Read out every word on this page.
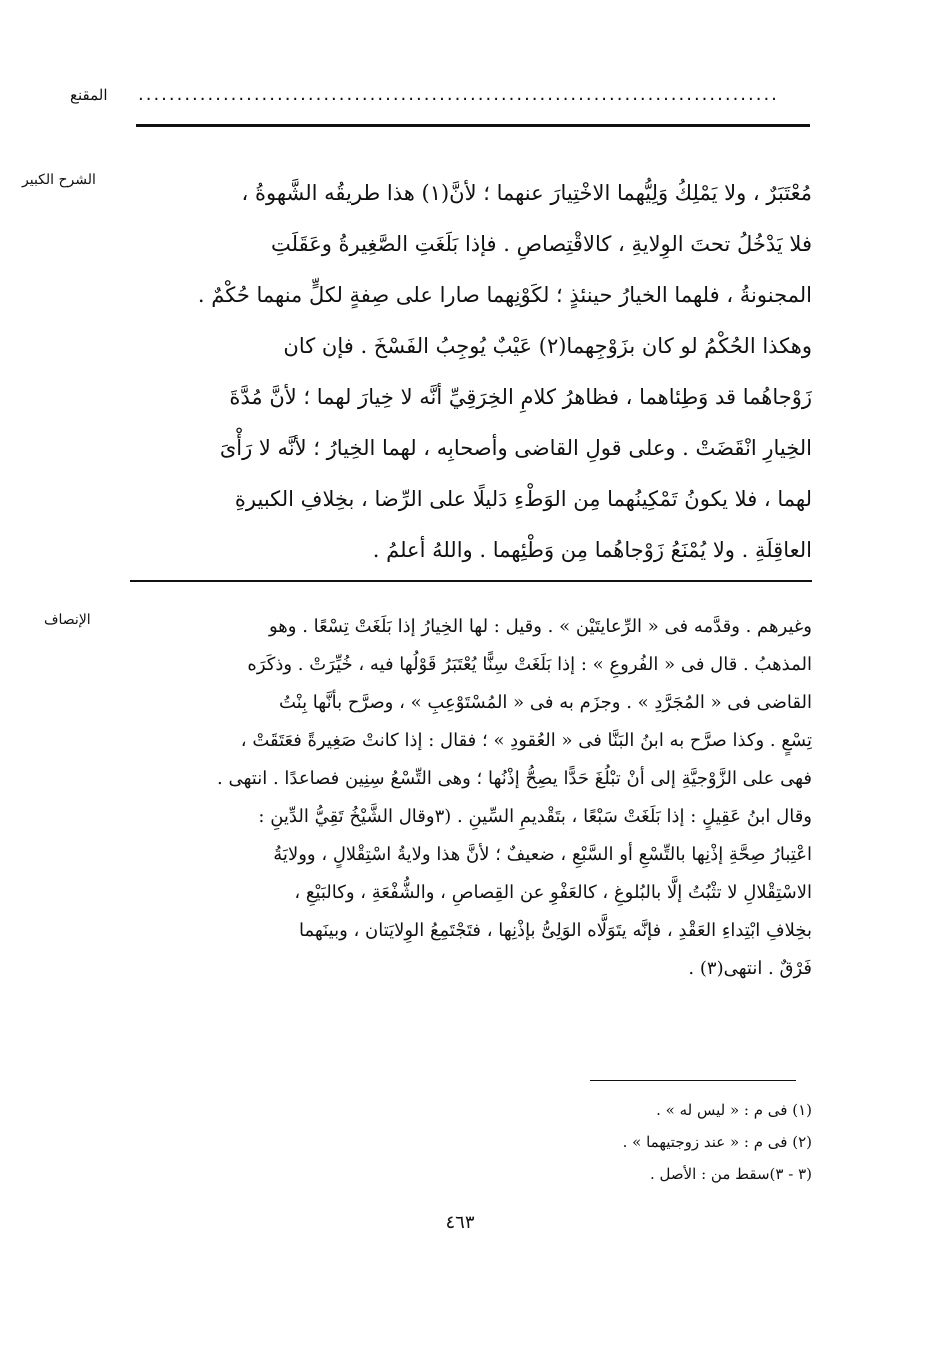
المقنع ...................................................................................
الشرح الكبير
مُعْتَبَرٌ ، ولا يَمْلِكُ وَلِيُّهما الاخْتِيارَ عنهما ؛ لأنَّ(١) هذا طريقُه الشَّهوةُ ،
فلا يَدْخُلُ تحتَ الوِلايةِ ، كالاقْتِصاصِ . فإذا بَلَغَتِ الصَّغِيرةُ وعَقَلَتِ
المجنونةُ ، فلهما الخيارُ حينئذٍ ؛ لكَوْنِهما صارا على صِفةٍ لكلٍّ منهما حُكْمٌ .
وهكذا الحُكْمُ لو كان بزَوْجِهما(٢) عَيْبٌ يُوجِبُ الفَسْخَ . فإن كان
زَوْجاهُما قد وَطِئاهما ، فظاهرُ كلامِ الخِرَقِيِّ أنَّه لا خِيارَ لهما ؛ لأنَّ مُدَّةَ
الخِيارِ انْقَضَتْ . وعلى قولِ القاضى وأصحابِه ، لهما الخِيارُ ؛ لأنَّه لا رَأْىَ
لهما ، فلا يكونُ تَمْكِينُهما مِن الوَطْءِ دَليلًا على الرِّضا ، بخِلافِ الكبيرةِ
العاقِلَةِ . ولا يُمْنَعُ زَوْجاهُما مِن وَطْئِهما . واللهُ أعلمُ .
الإنصاف	وغيرهم . وقدَّمه فى « الرِّعايتَيْن » . وقيل : لها الخِيارُ إذا بَلَغَتْ تِسْعًا . وهو
المذهبُ . قال فى « الفُروعِ » : إذا بَلَغَتْ سِنًّا يُعْتَبَرُ قَوْلُها فيه ، خُيِّرَتْ . وذكَرَه
القاضى فى « المُجَرَّدِ » . وجزَم به فى « المُسْتَوْعِبِ » ، وصرَّح بأنَّها بِنْتُ
تِسْعٍ . وكذا صرَّح به ابنُ البَنَّا فى « العُقودِ » ؛ فقال : إذا كانتْ صَغِيرةً فعَتَقَتْ ،
فهى على الزَّوْجيَّةِ إلى أنْ تبْلُغَ حَدًّا يصِحُّ إذْنُها ؛ وهى التِّسْعُ سِنِين فصاعدًا . انتهى .
وقال ابنُ عَقِيلٍ : إذا بَلَغَتْ سَبْعًا ، بتَقْديمِ السِّينِ . (٣وقال الشَّيْخُ تَقِيُّ الدِّينِ :
اعْتِبارُ صِحَّةِ إذْنِها بالتِّسْعِ أو السَّبْعِ ، ضعيفٌ ؛ لأنَّ هذا ولايةُ اسْتِقْلالٍ ، وولايَةُ
الاسْتِقْلالِ لا تثْبُتُ إلَّا بالبُلوغِ ، كالعَفْوِ عن القِصاصِ ، والشُّفْعَةِ ، وكالبَيْعِ ،
بخِلافِ ابْتِداءِ العَقْدِ ، فإنَّه يتَوَلَّاه الوَلِىُّ بإذْنِها ، فتَجْتَمِعُ الوِلايَتان ، وبينَهما
فَرْقٌ . انتهى(٣) .
(١) فى م : « ليس له » .
(٢) فى م : « عند زوجتيهما » .
(٣ - ٣)سقط من : الأصل .
٤٦٣
